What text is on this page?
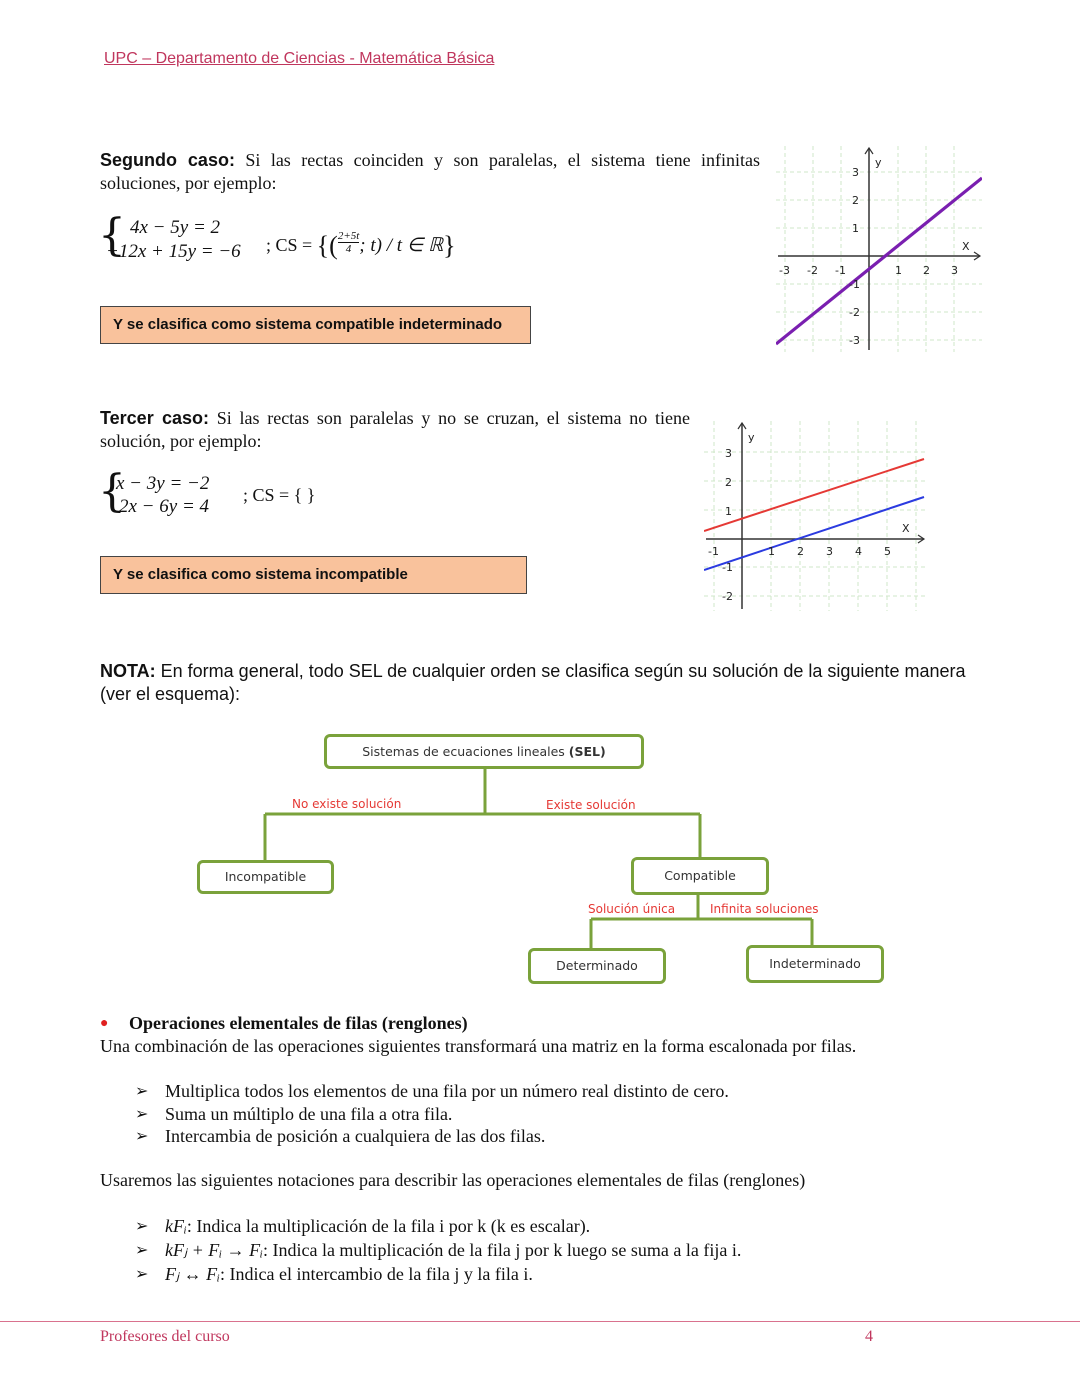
UPC – Departamento de Ciencias - Matemática Básica
Segundo caso: Si las rectas coinciden y son paralelas, el sistema tiene infinitas soluciones, por ejemplo:
{ 4x − 5y = 2
−12x + 15y = −6 ; CS = {( $\frac{2+5t}{4}$ ; t) / t ∈ ℝ}
Y se clasifica como sistema compatible indeterminado
X
y
-3 -2 -1	1 2 3
3
2
1
-1
-2
-3
Tercer caso: Si las rectas son paralelas y no se cruzan, el sistema no tiene solución, por ejemplo:
{
x − 3y = −2
2x − 6y = 4
; CS = { }
Y se clasifica como sistema incompatible
X
y
-1	1 2 3 4 5
3
2
1
-1
-2
NOTA: En forma general, todo SEL de cualquier orden se clasifica según su solución de la siguiente manera (ver el esquema):
Sistemas de ecuaciones lineales (SEL)
No existe solución	Existe solución
Incompatible	Compatible
Solución única	Infinita soluciones
Determinado	Indeterminado
● Operaciones elementales de filas (renglones)
Una combinación de las operaciones siguientes transformará una matriz en la forma escalonada por filas.
➢ Multiplica todos los elementos de una fila por un número real distinto de cero.
➢ Suma un múltiplo de una fila a otra fila.
➢ Intercambia de posición a cualquiera de las dos filas.
Usaremos las siguientes notaciones para describir las operaciones elementales de filas (renglones)
➢ kFᵢ: Indica la multiplicación de la fila i por k (k es escalar).
➢ kFⱼ + Fᵢ → Fᵢ: Indica la multiplicación de la fila j por k luego se suma a la fija i.
➢ Fⱼ ↔ Fᵢ: Indica el intercambio de la fila j y la fila i.
Profesores del curso	4
